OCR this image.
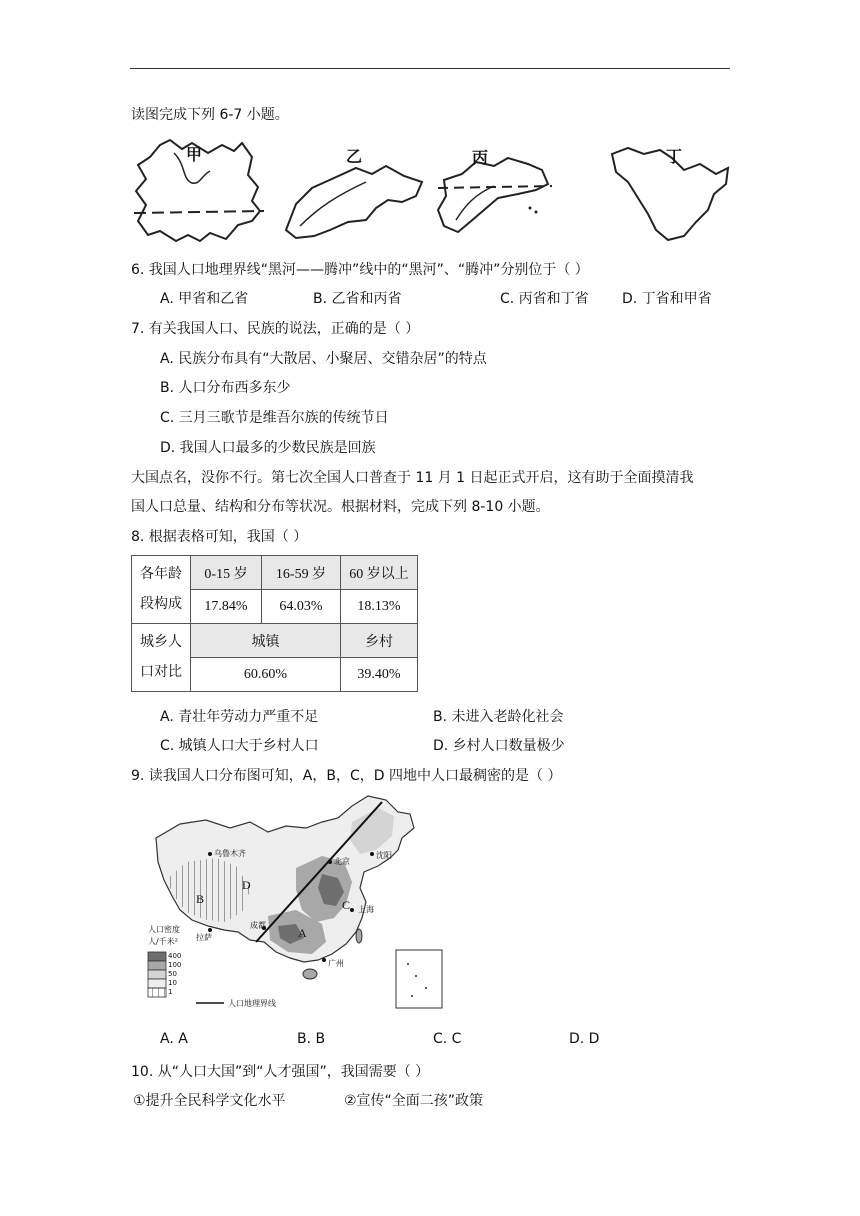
读图完成下列 6-7 小题。
甲	乙	丙	丁
6. 我国人口地理界线“黑河——腾冲”线中的“黑河”、“腾冲”分别位于（ ）
A. 甲省和乙省	B. 乙省和丙省	C. 丙省和丁省 D. 丁省和甲省
7. 有关我国人口、民族的说法，正确的是（ ）
A. 民族分布具有“大散居、小聚居、交错杂居”的特点
B. 人口分布西多东少
C. 三月三歌节是维吾尔族的传统节日
D. 我国人口最多的少数民族是回族
大国点名，没你不行。第七次全国人口普查于 11 月 1 日起正式开启，这有助于全面摸清我
国人口总量、结构和分布等状况。根据材料，完成下列 8-10 小题。
8. 根据表格可知，我国（ ）
各年龄
段构成	0-15 岁	16-59 岁	60 岁以上
	17.84%	64.03%	18.13%

城乡人
口对比	城镇		乡村
	60.60%		39.40%
A. 青壮年劳动力严重不足	B. 未进入老龄化社会
C. 城镇人口大于乡村人口	D. 乡村人口数量极少
9. 读我国人口分布图可知，A，B，C，D 四地中人口最稠密的是（ ）
乌鲁木齐
拉萨
北京
沈阳
上海
成都
广州
A
B	C
D
人口密度
人/千米²
400
100
50
10
1
人口地理界线
A. A	B. B	C. C	D. D
10. 从“人口大国”到“人才强国”，我国需要（ ）
①提升全民科学文化水平	②宣传“全面二孩”政策
